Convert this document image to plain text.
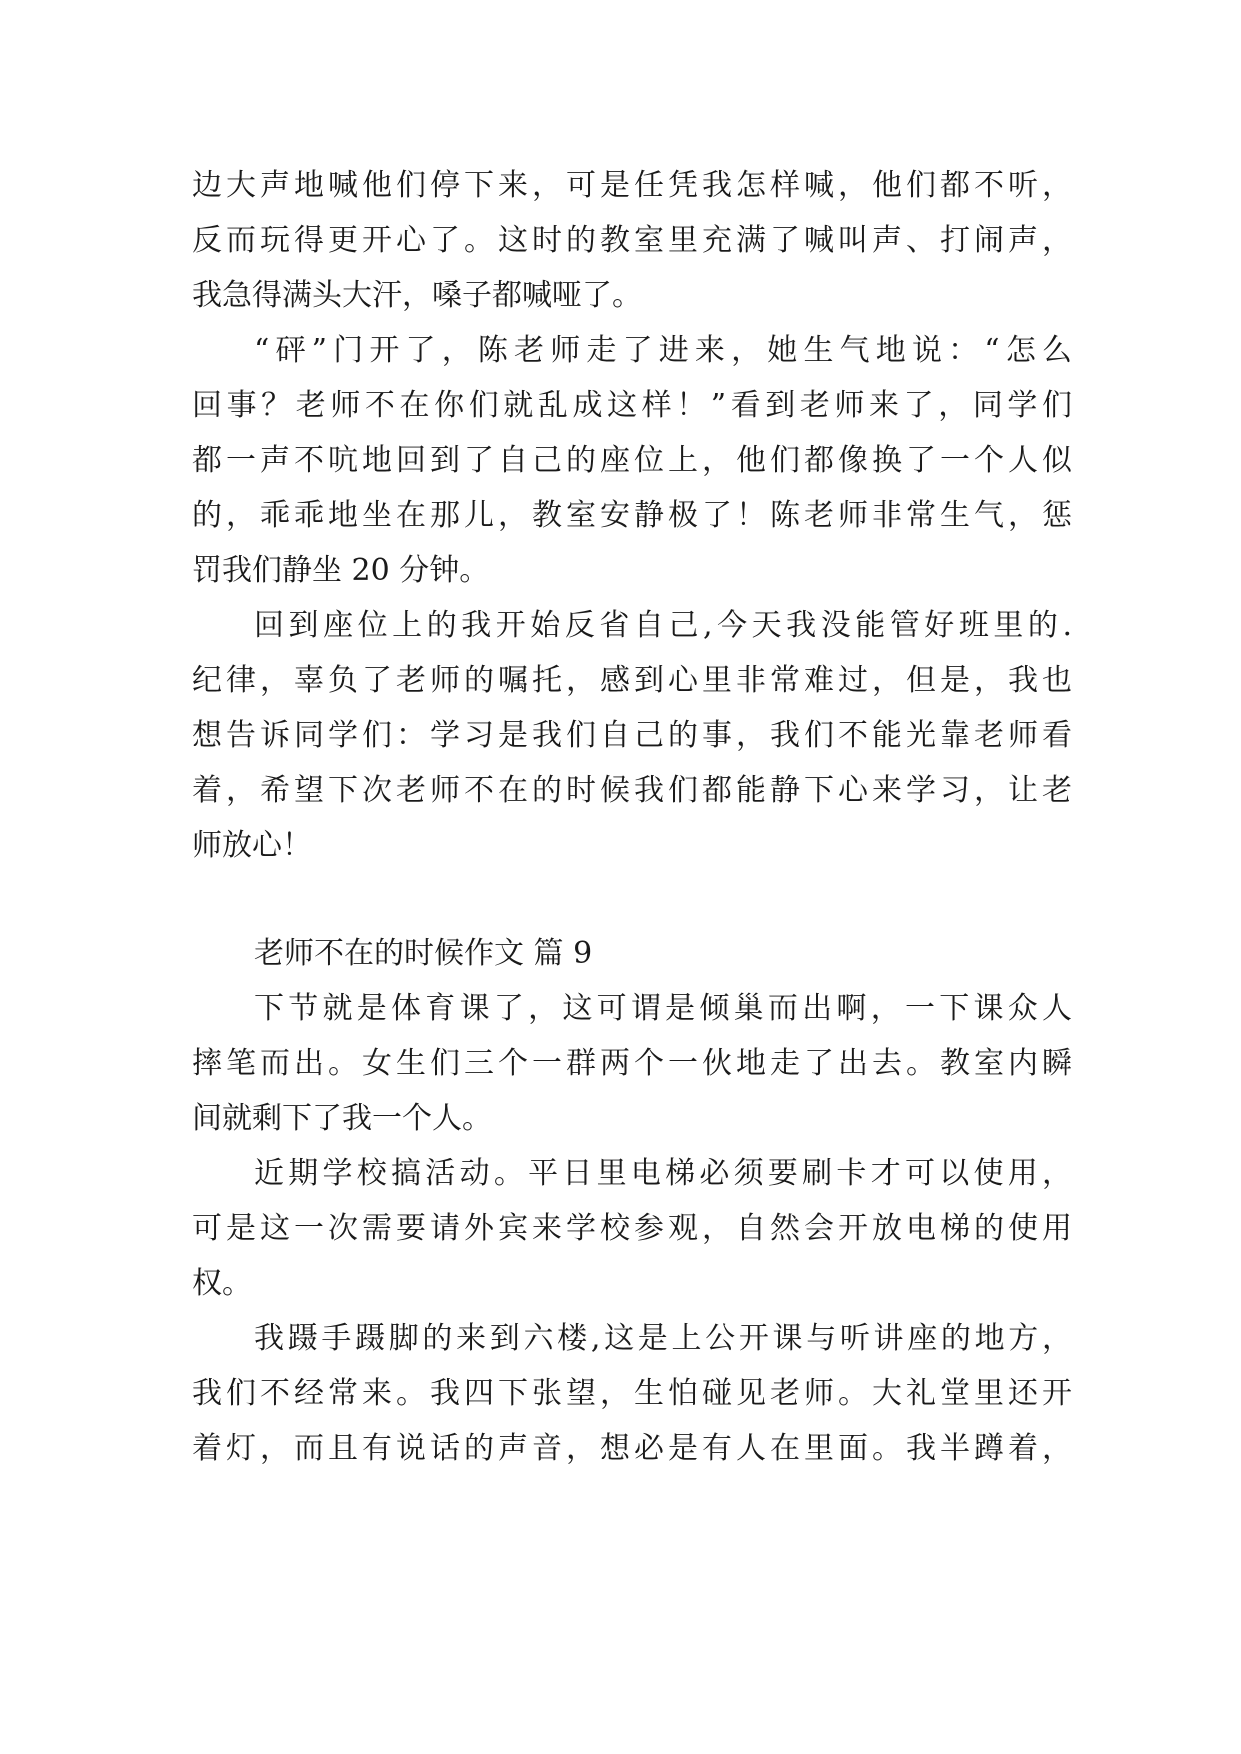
边大声地喊他们停下来，可是任凭我怎样喊，他们都不听，

反而玩得更开心了。这时的教室里充满了喊叫声、打闹声，

我急得满头大汗，嗓子都喊哑了。

“砰”门开了，陈老师走了进来，她生气地说：“怎么

回事？老师不在你们就乱成这样！”看到老师来了，同学们

都一声不吭地回到了自己的座位上，他们都像换了一个人似

的，乖乖地坐在那儿，教室安静极了！陈老师非常生气，惩

罚我们静坐 20 分钟。

回到座位上的我开始反省自己,今天我没能管好班里的.

纪律，辜负了老师的嘱托，感到心里非常难过，但是，我也

想告诉同学们：学习是我们自己的事，我们不能光靠老师看

着，希望下次老师不在的时候我们都能静下心来学习，让老

师放心！

老师不在的时候作文 篇 9

下节就是体育课了，这可谓是倾巢而出啊，一下课众人

摔笔而出。女生们三个一群两个一伙地走了出去。教室内瞬

间就剩下了我一个人。

近期学校搞活动。平日里电梯必须要刷卡才可以使用，

可是这一次需要请外宾来学校参观，自然会开放电梯的使用

权。

我蹑手蹑脚的来到六楼,这是上公开课与听讲座的地方，

我们不经常来。我四下张望，生怕碰见老师。大礼堂里还开

着灯，而且有说话的声音，想必是有人在里面。我半蹲着，
